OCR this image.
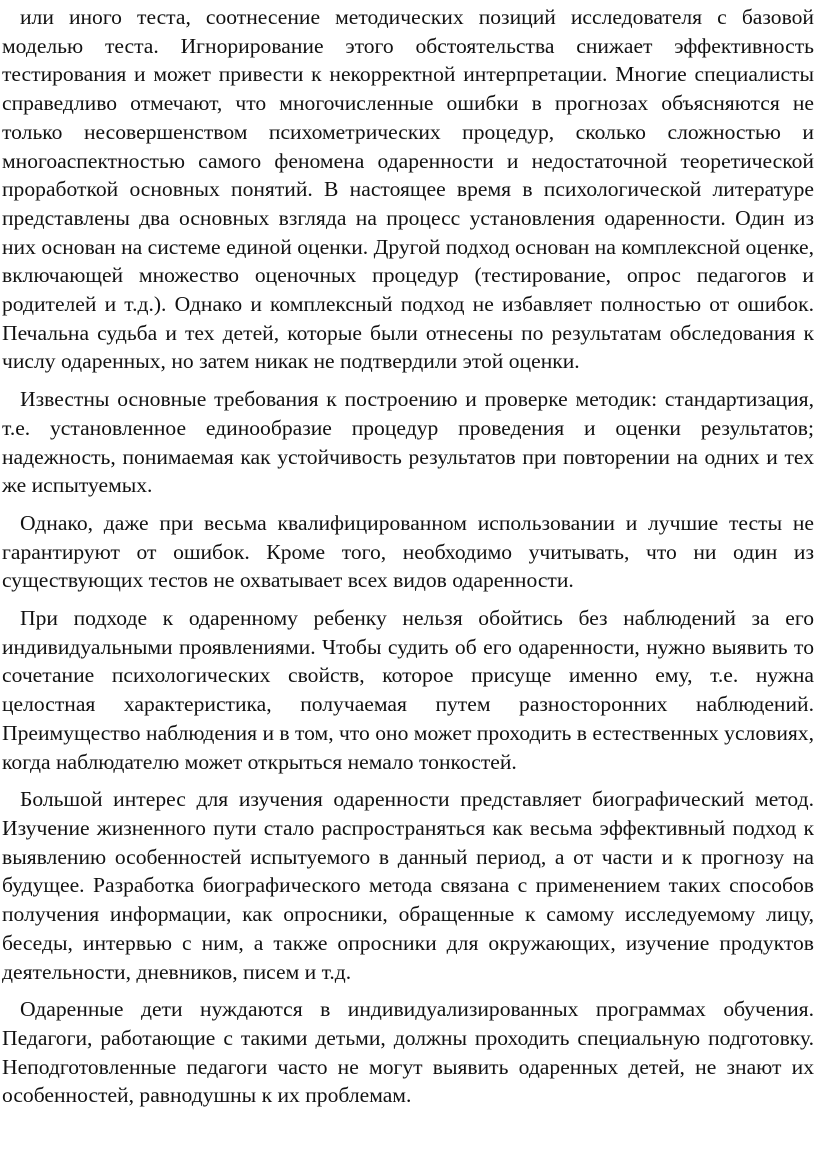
или иного теста, соотнесение методических позиций исследователя с базовой моделью теста. Игнорирование этого обстоятельства снижает эффективность тестирования и может привести к некорректной интерпретации. Многие специалисты справедливо отмечают, что многочисленные ошибки в прогнозах объясняются не только несовершенством психометрических процедур, сколько сложностью и многоаспектностью самого феномена одаренности и недостаточной теоретической проработкой основных понятий. В настоящее время в психологической литературе представлены два основных взгляда на процесс установления одаренности. Один из них основан на системе единой оценки. Другой подход основан на комплексной оценке, включающей множество оценочных процедур (тестирование, опрос педагогов и родителей и т.д.). Однако и комплексный подход не избавляет полностью от ошибок. Печальна судьба и тех детей, которые были отнесены по результатам обследования к числу одаренных, но затем никак не подтвердили этой оценки.

Известны основные требования к построению и проверке методик: стандартизация, т.е. установленное единообразие процедур проведения и оценки результатов; надежность, понимаемая как устойчивость результатов при повторении на одних и тех же испытуемых.

Однако, даже при весьма квалифицированном использовании и лучшие тесты не гарантируют от ошибок. Кроме того, необходимо учитывать, что ни один из существующих тестов не охватывает всех видов одаренности.

При подходе к одаренному ребенку нельзя обойтись без наблюдений за его индивидуальными проявлениями. Чтобы судить об его одаренности, нужно выявить то сочетание психологических свойств, которое присуще именно ему, т.е. нужна целостная характеристика, получаемая путем разносторонних наблюдений. Преимущество наблюдения и в том, что оно может проходить в естественных условиях, когда наблюдателю может открыться немало тонкостей.

Большой интерес для изучения одаренности представляет биографический метод. Изучение жизненного пути стало распространяться как весьма эффективный подход к выявлению особенностей испытуемого в данный период, а от части и к прогнозу на будущее. Разработка биографического метода связана с применением таких способов получения информации, как опросники, обращенные к самому исследуемому лицу, беседы, интервью с ним, а также опросники для окружающих, изучение продуктов деятельности, дневников, писем и т.д.

Одаренные дети нуждаются в индивидуализированных программах обучения. Педагоги, работающие с такими детьми, должны проходить специальную подготовку. Неподготовленные педагоги часто не могут выявить одаренных детей, не знают их особенностей, равнодушны к их проблемам.
